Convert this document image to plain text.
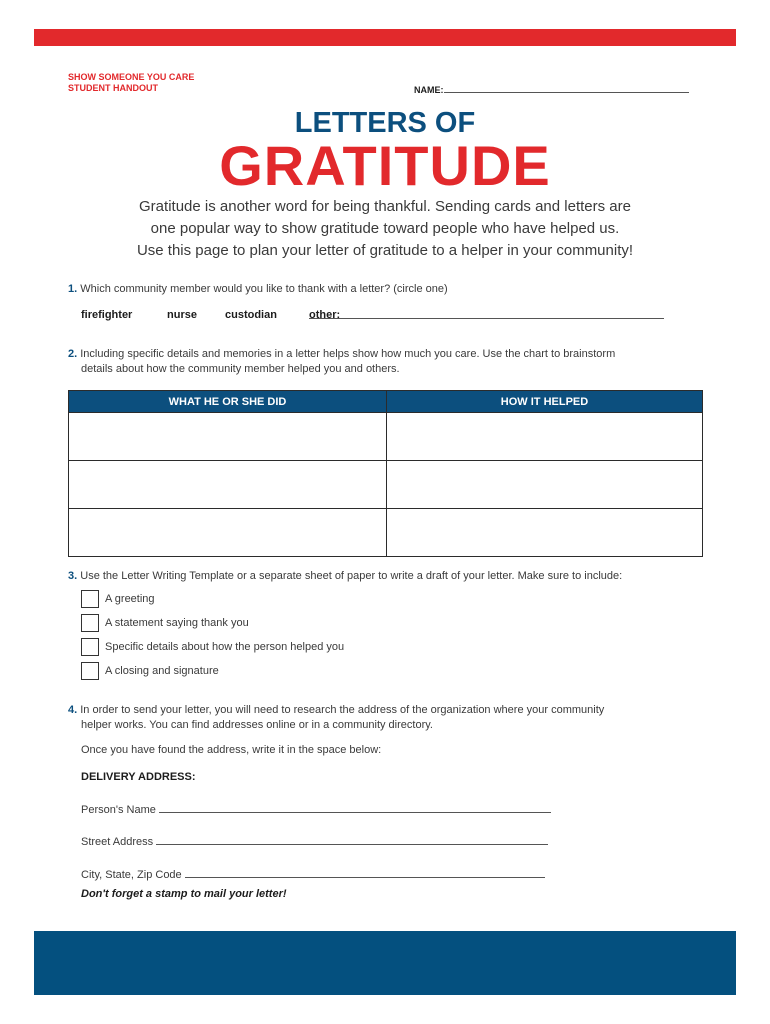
SHOW SOMEONE YOU CARE
STUDENT HANDOUT	NAME:
LETTERS OF
GRATITUDE
Gratitude is another word for being thankful. Sending cards and letters are
one popular way to show gratitude toward people who have helped us.
Use this page to plan your letter of gratitude to a helper in your community!
1. Which community member would you like to thank with a letter? (circle one)
firefighter	nurse	custodian	other:
2. Including specific details and memories in a letter helps show how much you care. Use the chart to brainstorm
details about how the community member helped you and others.
WHAT HE OR SHE DID	HOW IT HELPED

3. Use the Letter Writing Template or a separate sheet of paper to write a draft of your letter. Make sure to include:
A greeting
A statement saying thank you
Specific details about how the person helped you
A closing and signature
4. In order to send your letter, you will need to research the address of the organization where your community
helper works. You can find addresses online or in a community directory.
Once you have found the address, write it in the space below:
DELIVERY ADDRESS:
Person's Name
Street Address
City, State, Zip Code
Don't forget a stamp to mail your letter!
